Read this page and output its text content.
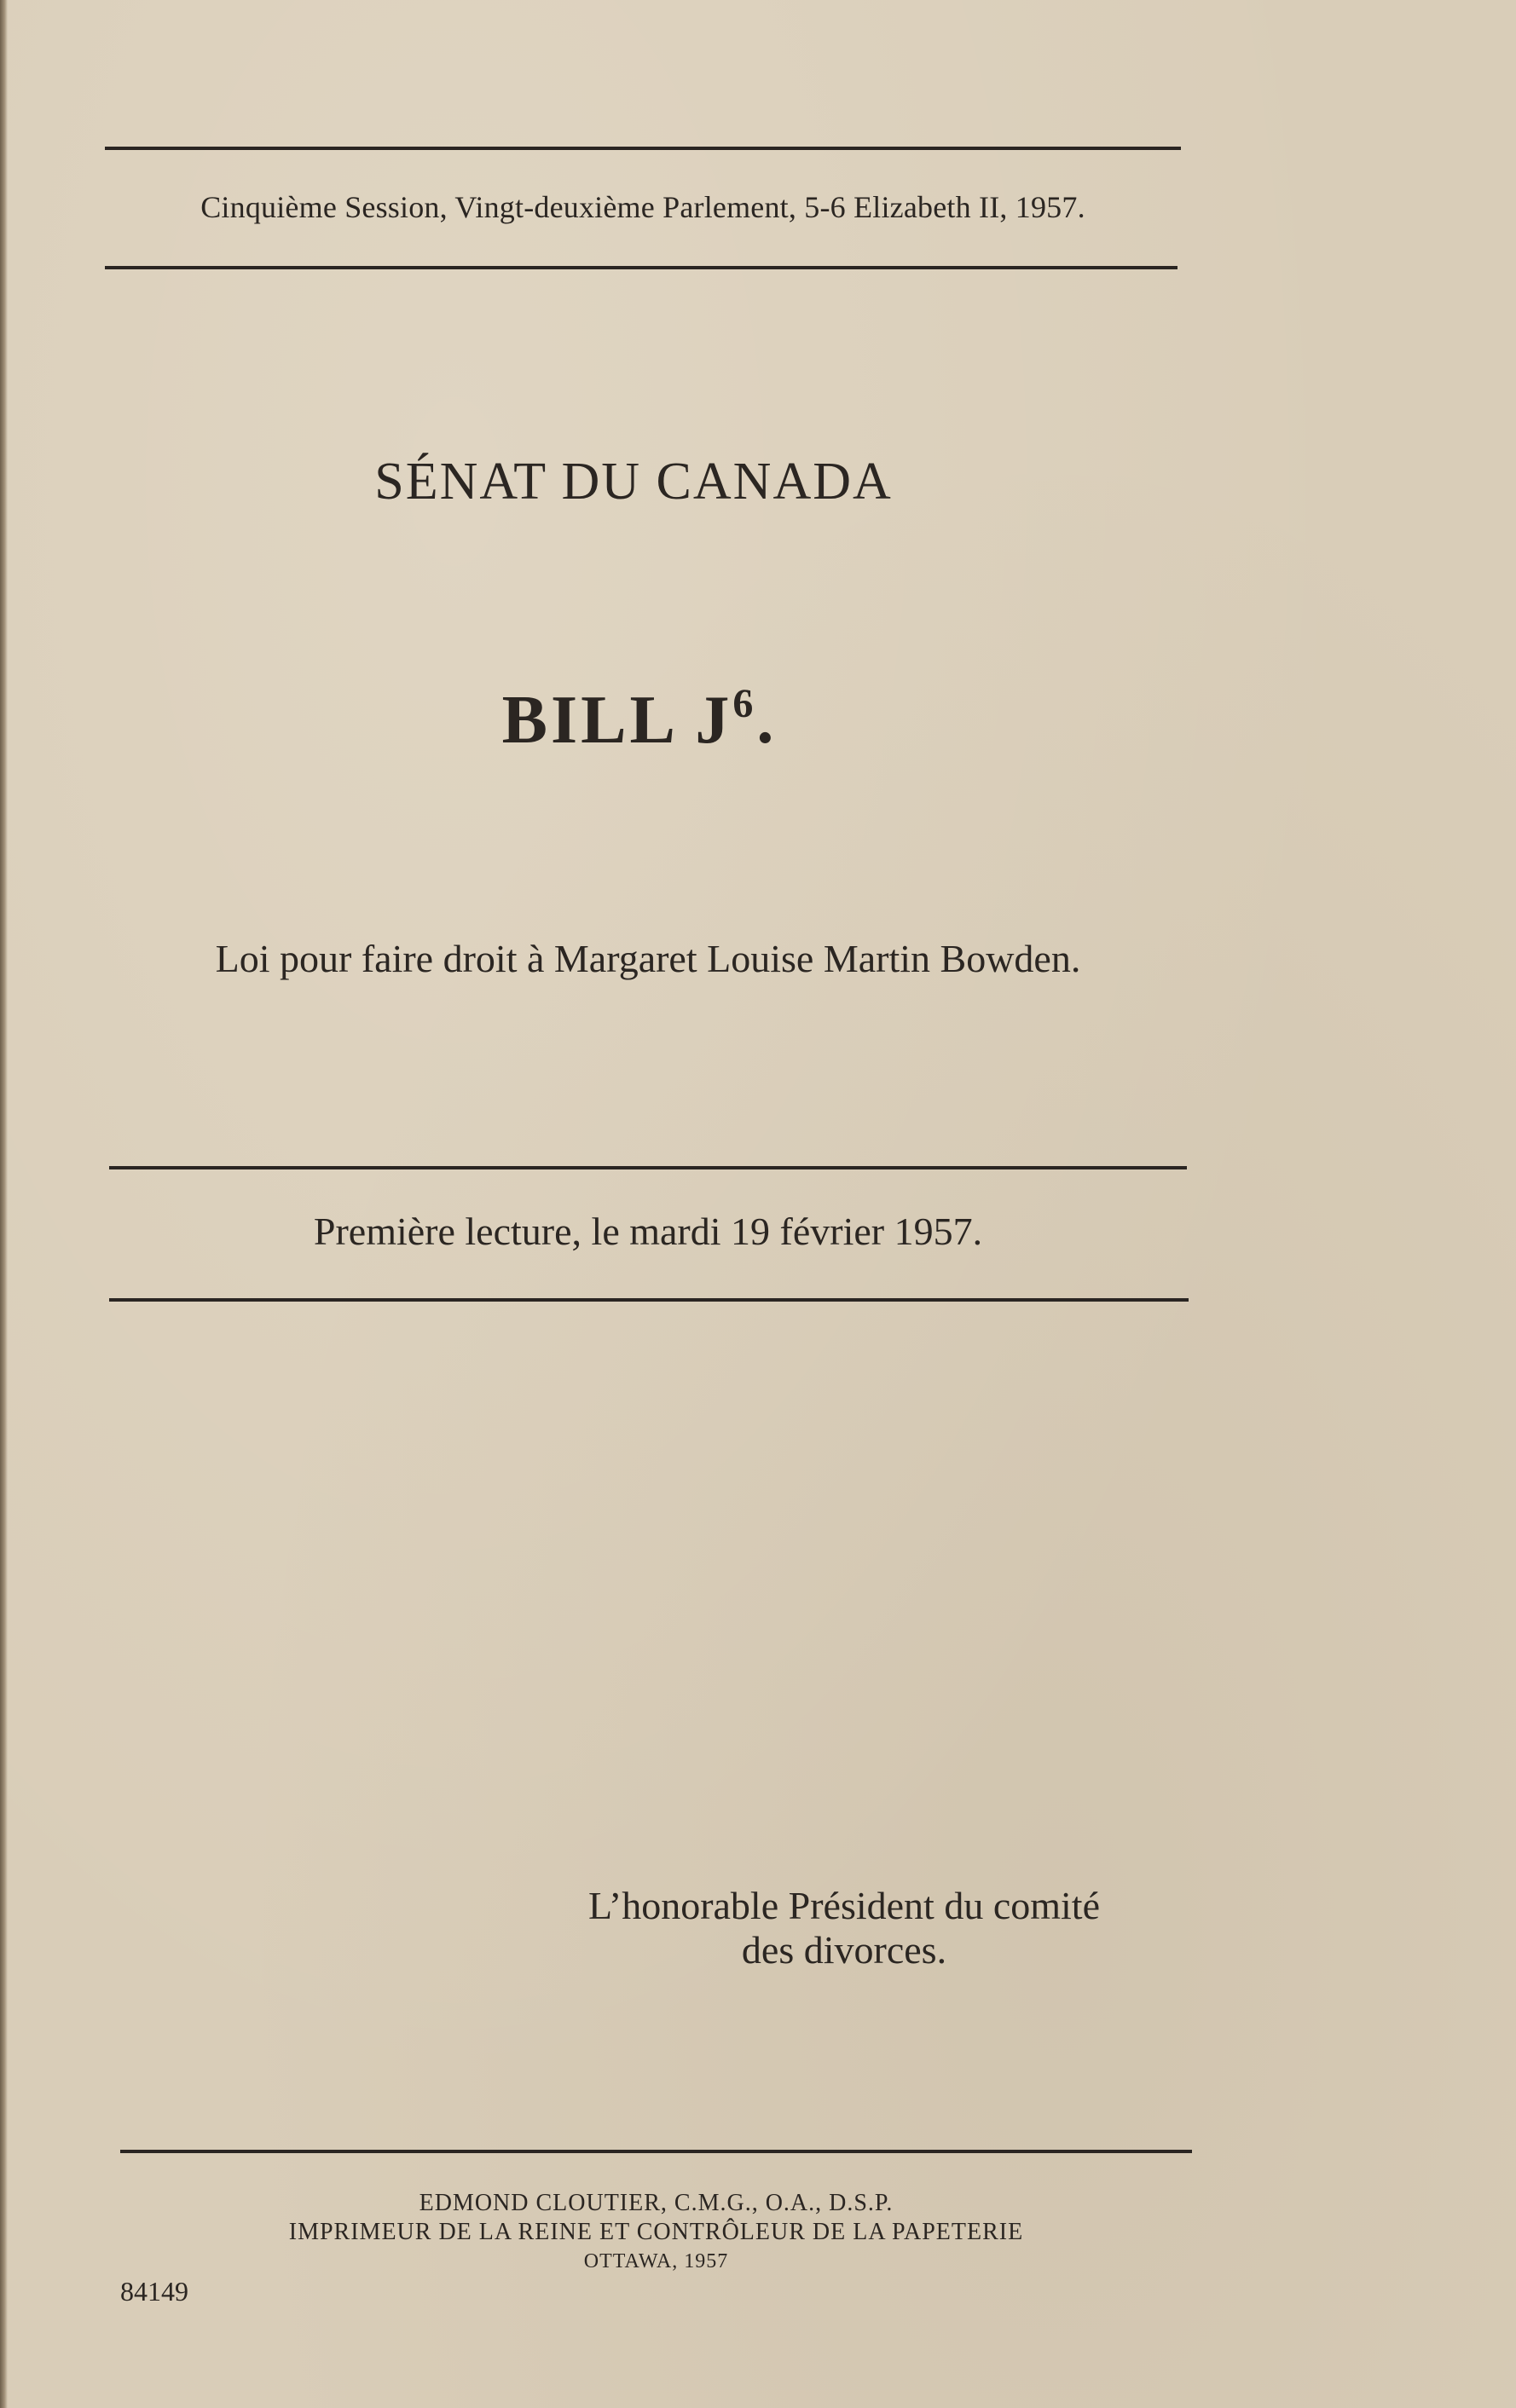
Cinquième Session, Vingt-deuxième Parlement, 5-6 Elizabeth II, 1957.
SÉNAT DU CANADA
BILL $J^6$.
Loi pour faire droit à Margaret Louise Martin Bowden.
Première lecture, le mardi 19 février 1957.
L’honorable Président du comité
des divorces.
EDMOND CLOUTIER, C.M.G., O.A., D.S.P.
IMPRIMEUR DE LA REINE ET CONTRÔLEUR DE LA PAPETERIE
OTTAWA, 1957
84149
